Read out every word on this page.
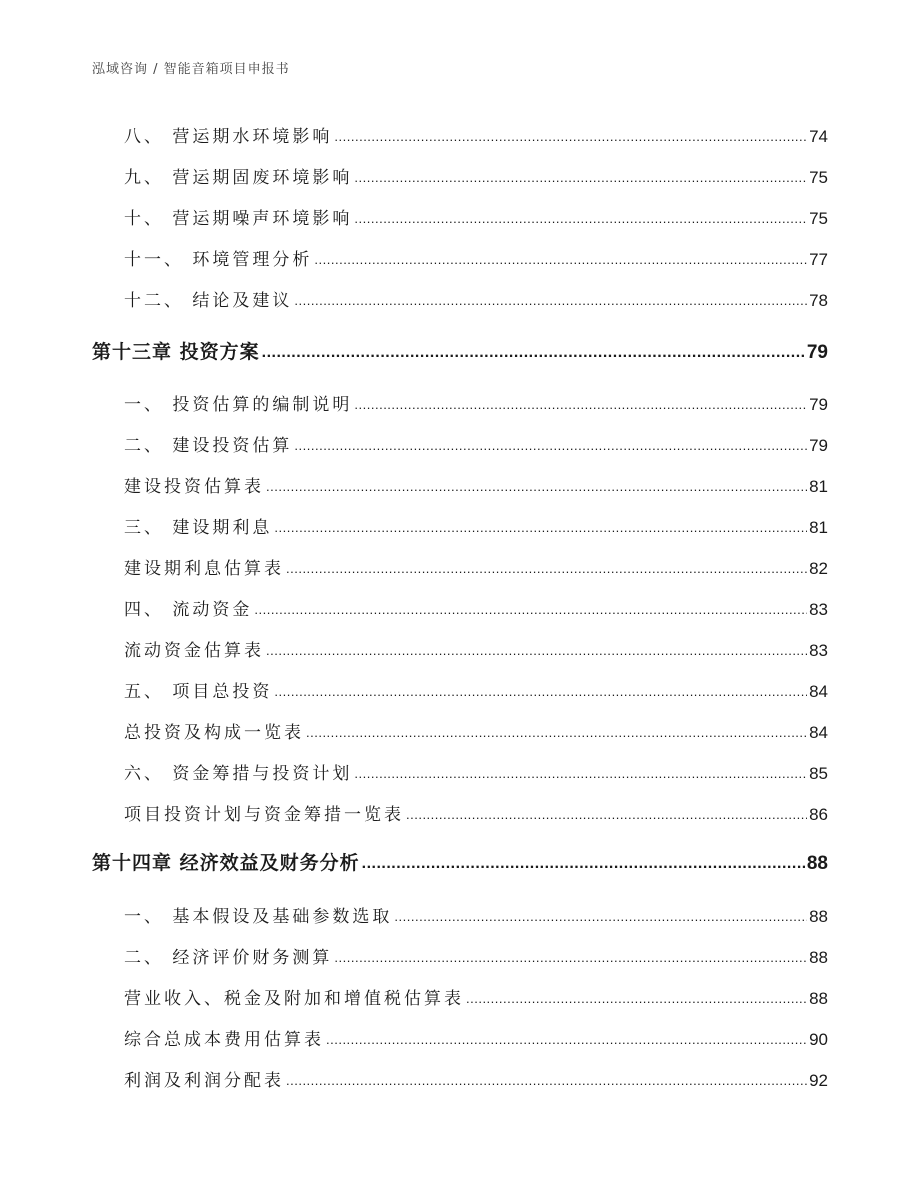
泓域咨询 / 智能音箱项目申报书
八、 营运期水环境影响 .....	74
九、 营运期固废环境影响 .....	75
十、 营运期噪声环境影响 .....	75
十一、 环境管理分析 .....	77
十二、 结论及建议 .....	78
第十三章 投资方案 .....	79
一、 投资估算的编制说明 .....	79
二、 建设投资估算 .....	79
建设投资估算表 .....	81
三、 建设期利息 .....	81
建设期利息估算表 .....	82
四、 流动资金 .....	83
流动资金估算表 .....	83
五、 项目总投资 .....	84
总投资及构成一览表 .....	84
六、 资金筹措与投资计划 .....	85
项目投资计划与资金筹措一览表 .....	86
第十四章 经济效益及财务分析 .....	88
一、 基本假设及基础参数选取 .....	88
二、 经济评价财务测算 .....	88
营业收入、税金及附加和增值税估算表 .....	88
综合总成本费用估算表 .....	90
利润及利润分配表 .....	92
